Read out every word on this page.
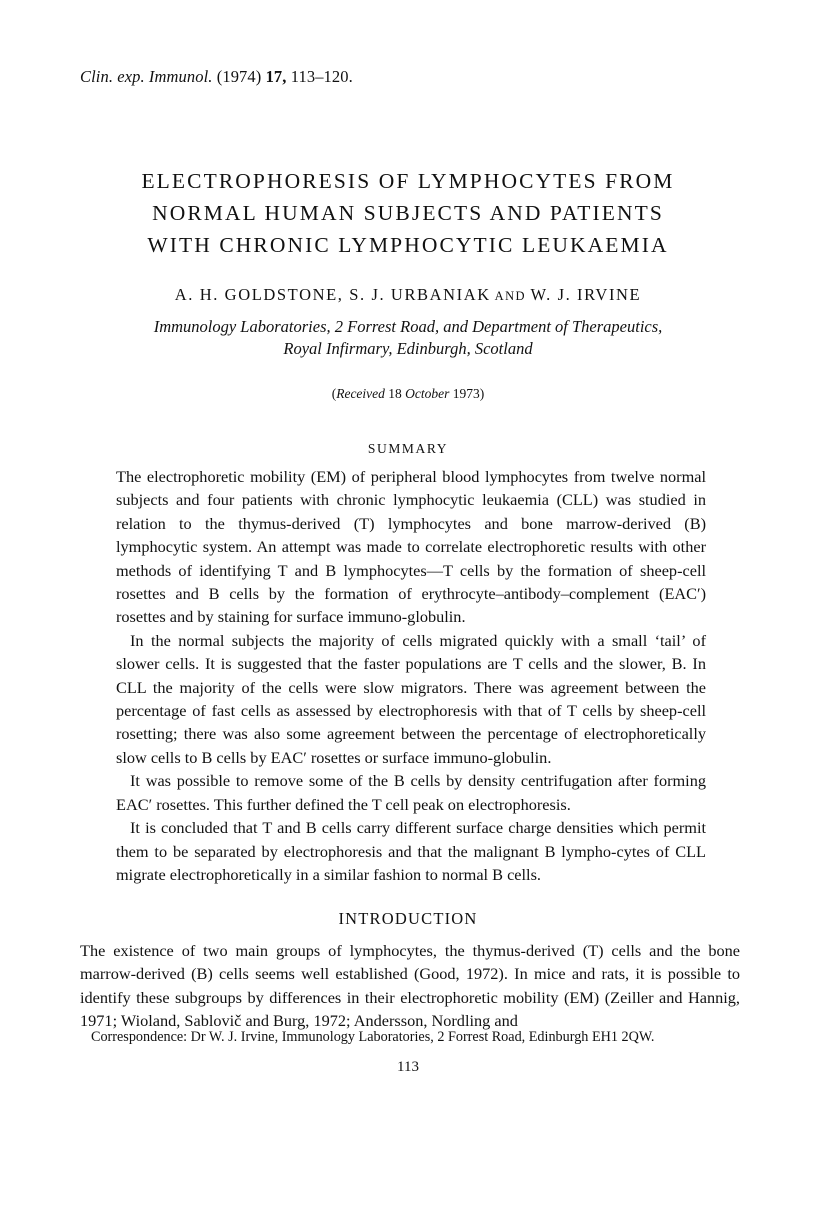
Clin. exp. Immunol. (1974) 17, 113–120.
ELECTROPHORESIS OF LYMPHOCYTES FROM
NORMAL HUMAN SUBJECTS AND PATIENTS
WITH CHRONIC LYMPHOCYTIC LEUKAEMIA
A. H. GOLDSTONE, S. J. URBANIAK AND W. J. IRVINE
Immunology Laboratories, 2 Forrest Road, and Department of Therapeutics,
Royal Infirmary, Edinburgh, Scotland
(Received 18 October 1973)
SUMMARY

The electrophoretic mobility (EM) of peripheral blood lymphocytes from twelve normal subjects and four patients with chronic lymphocytic leukaemia (CLL) was studied in relation to the thymus-derived (T) lymphocytes and bone marrow-derived (B) lymphocytic system. An attempt was made to correlate electrophoretic results with other methods of identifying T and B lymphocytes—T cells by the formation of sheep-cell rosettes and B cells by the formation of erythrocyte–antibody–complement (EAC′) rosettes and by staining for surface immuno-globulin.

In the normal subjects the majority of cells migrated quickly with a small ‘tail’ of slower cells. It is suggested that the faster populations are T cells and the slower, B. In CLL the majority of the cells were slow migrators. There was agreement between the percentage of fast cells as assessed by electrophoresis with that of T cells by sheep-cell rosetting; there was also some agreement between the percentage of electrophoretically slow cells to B cells by EAC′ rosettes or surface immuno-globulin.

It was possible to remove some of the B cells by density centrifugation after forming EAC′ rosettes. This further defined the T cell peak on electrophoresis.

It is concluded that T and B cells carry different surface charge densities which permit them to be separated by electrophoresis and that the malignant B lympho-cytes of CLL migrate electrophoretically in a similar fashion to normal B cells.

INTRODUCTION

The existence of two main groups of lymphocytes, the thymus-derived (T) cells and the bone marrow-derived (B) cells seems well established (Good, 1972). In mice and rats, it is possible to identify these subgroups by differences in their electrophoretic mobility (EM) (Zeiller and Hannig, 1971; Wioland, Sablovič and Burg, 1972; Andersson, Nordling and

Correspondence: Dr W. J. Irvine, Immunology Laboratories, 2 Forrest Road, Edinburgh EH1 2QW.
113
